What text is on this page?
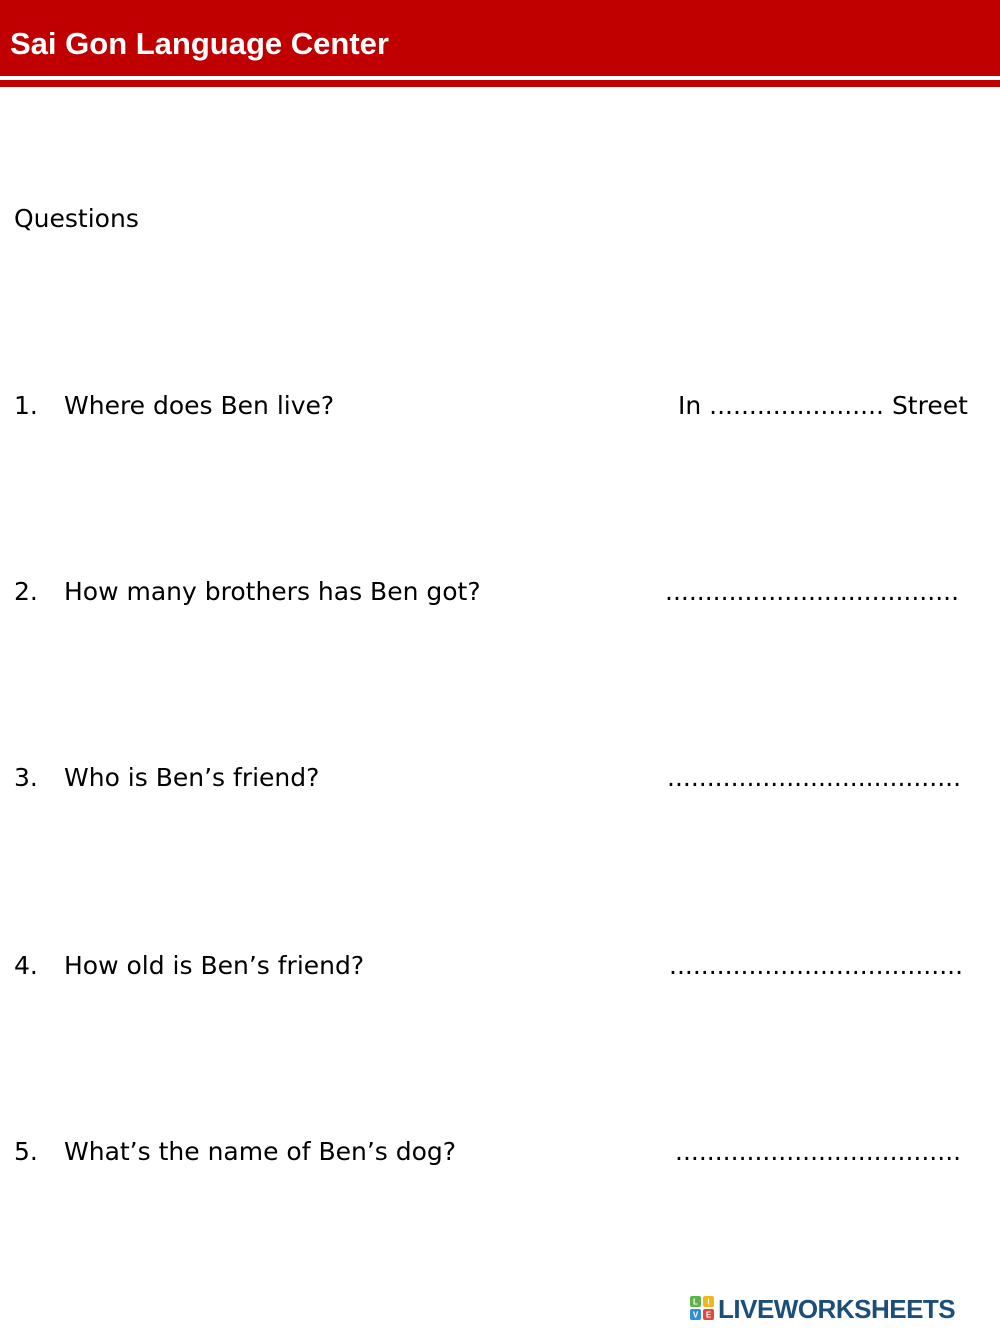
Sai Gon Language Center
Questions
1. Where does Ben live?	In ...................... Street
2. How many brothers has Ben got?	.....................................
3. Who is Ben’s friend?	.....................................
4. How old is Ben’s friend?	.....................................
5. What’s the name of Ben’s dog?	....................................
L I
V E LIVEWORKSHEETS
